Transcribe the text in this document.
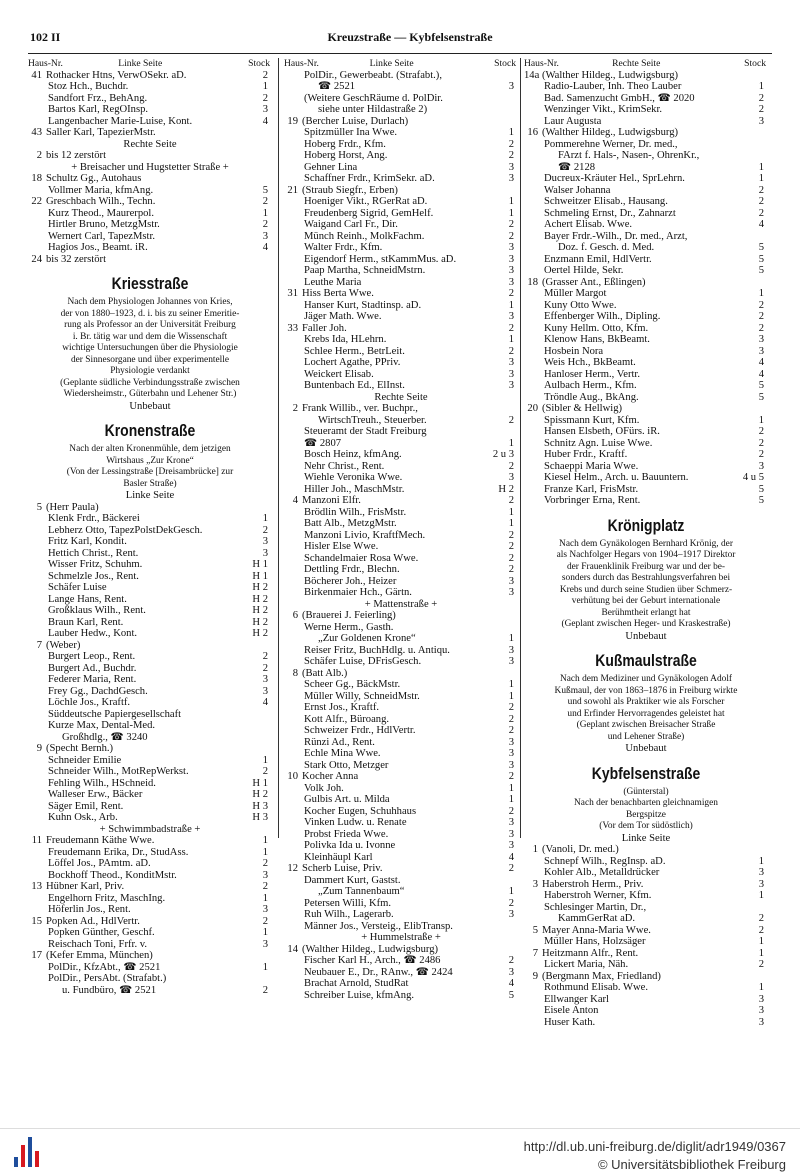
102 II	Kreuzstraße — Kybfelsenstraße
Haus-Nr.	Linke Seite	Stock
41 Rothacker Htns, VerwOSekr. aD.	2
Stoz Hch., Buchdr.	1
Sandfort Frz., BehAng.	2
Bartos Karl, RegOInsp.	3
Langenbacher Marie-Luise, Kont.	4
43 Saller Karl, TapezierMstr.
Rechte Seite
2 bis 12 zerstört
+ Breisacher und Hugstetter Straße +
18 Schultz Gg., Autohaus
Vollmer Maria, kfmAng.	5
22 Greschbach Wilh., Techn.	2
Kurz Theod., Maurerpol.	1
Hirtler Bruno, MetzgMstr.	2
Wernert Carl, TapezMstr.	3
Hagios Jos., Beamt. iR.	4
24 bis 32 zerstört
Kriesstraße
Nach dem Physiologen Johannes von Kries,
der von 1880–1923, d. i. bis zu seiner Emeritie-
rung als Professor an der Universität Freiburg
i. Br. tätig war und dem die Wissenschaft
wichtige Untersuchungen über die Physiologie
der Sinnesorgane und über experimentelle
Physiologie verdankt
(Geplante südliche Verbindungsstraße zwischen
Wiedersheimstr., Güterbahn und Lehener Str.)
Unbebaut
Kronenstraße
Nach der alten Kronenmühle, dem jetzigen
Wirtshaus „Zur Krone“
(Von der Lessingstraße [Dreisambrücke] zur
Basler Straße)
Linke Seite
5 (Herr Paula)
Klenk Frdr., Bäckerei	1
Lebherz Otto, TapezPolstDekGesch.	2
Fritz Karl, Kondit.	3
Hettich Christ., Rent.	3
Wisser Fritz, Schuhm.	H 1
Schmelzle Jos., Rent.	H 1
Schäfer Luise	H 2
Lange Hans, Rent.	H 2
Großklaus Wilh., Rent.	H 2
Braun Karl, Rent.	H 2
Lauber Hedw., Kont.	H 2
7 (Weber)
Burgert Leop., Rent.	2
Burgert Ad., Buchdr.	2
Federer Maria, Rent.	3
Frey Gg., DachdGesch.	3
Löchle Jos., Kraftf.	4
Süddeutsche Papiergesellschaft
Kurze Max, Dental-Med.
Großhdlg., ☎ 3240
9 (Specht Bernh.)
Schneider Emilie	1
Schneider Wilh., MotRepWerkst.	2
Fehling Wilh., HSchneid.	H 1
Walleser Erw., Bäcker	H 2
Säger Emil, Rent.	H 3
Kuhn Osk., Arb.	H 3
+ Schwimmbadstraße +
11 Freudemann Käthe Wwe.	1
Freudemann Erika, Dr., StudAss.	1
Löffel Jos., PAmtm. aD.	2
Bockhoff Theod., KonditMstr.	3
13 Hübner Karl, Priv.	2
Engelhorn Fritz, MaschIng.	1
Höferlin Jos., Rent.	3
15 Popken Ad., HdlVertr.	2
Popken Günther, Geschf.	1
Reischach Toni, Frfr. v.	3
17 (Kefer Emma, München)
PolDir., KfzAbt., ☎ 2521	1
PolDir., PersAbt. (Strafabt.)
u. Fundbüro, ☎ 2521	2
Haus-Nr.	Linke Seite	Stock
PolDir., Gewerbeabt. (Strafabt.),
☎ 2521	3
(Weitere GeschRäume d. PolDir.
siehe unter Hildastraße 2)
19 (Bercher Luise, Durlach)
Spitzmüller Ina Wwe.	1
Hoberg Frdr., Kfm.	2
Hoberg Horst, Ang.	2
Gehner Lina	3
Schaffner Frdr., KrimSekr. aD.	3
21 (Straub Siegfr., Erben)
Hoeniger Vikt., RGerRat aD.	1
Freudenberg Sigrid, GemHelf.	1
Waigand Carl Fr., Dir.	2
Münch Reinh., MolkFachm.	2
Walter Frdr., Kfm.	3
Eigendorf Herm., stKammMus. aD.	3
Paap Martha, SchneidMstrn.	3
Leuthe Maria	3
31 Hiss Berta Wwe.	2
Hanser Kurt, Stadtinsp. aD.	1
Jäger Math. Wwe.	3
33 Faller Joh.	2
Krebs Ida, HLehrn.	1
Schlee Herm., BetrLeit.	2
Lochert Agathe, PPriv.	3
Weickert Elisab.	3
Buntenbach Ed., ElInst.	3
Rechte Seite
2 Frank Willib., ver. Buchpr.,
WirtschTreuh., Steuerber.	2
Steueramt der Stadt Freiburg
☎ 2807	1
Bosch Heinz, kfmAng.	2 u 3
Nehr Christ., Rent.	2
Wiehle Veronika Wwe.	3
Hiller Joh., MaschMstr.	H 2
4 Manzoni Elfr.	2
Brödlin Wilh., FrisMstr.	1
Batt Alb., MetzgMstr.	1
Manzoni Livio, KraftfMech.	2
Hisler Else Wwe.	2
Schandelmaier Rosa Wwe.	2
Dettling Frdr., Blechn.	2
Böcherer Joh., Heizer	3
Birkenmaier Hch., Gärtn.	3
+ Mattenstraße +
6 (Brauerei J. Feierling)
Werne Herm., Gasth.
„Zur Goldenen Krone“	1
Reiser Fritz, BuchHdlg. u. Antiqu.	3
Schäfer Luise, DFrisGesch.	3
8 (Batt Alb.)
Scheer Gg., BäckMstr.	1
Müller Willy, SchneidMstr.	1
Ernst Jos., Kraftf.	2
Kott Alfr., Büroang.	2
Schweizer Frdr., HdlVertr.	2
Rünzi Ad., Rent.	3
Echle Mina Wwe.	3
Stark Otto, Metzger	3
10 Kocher Anna	2
Volk Joh.	1
Gulbis Art. u. Milda	1
Kocher Eugen, Schuhhaus	2
Vinken Ludw. u. Renate	3
Probst Frieda Wwe.	3
Polivka Ida u. Ivonne	3
Kleinhäupl Karl	4
12 Scherb Luise, Priv.	2
Dammert Kurt, Gastst.
„Zum Tannenbaum“	1
Petersen Willi, Kfm.	2
Ruh Wilh., Lagerarb.	3
Männer Jos., Versteig., ElibTransp.
+ Hummelstraße +
14 (Walther Hildeg., Ludwigsburg)
Fischer Karl H., Arch., ☎ 2486	2
Neubauer E., Dr., RAnw., ☎ 2424	3
Brachat Arnold, StudRat	4
Schreiber Luise, kfmAng.	5
Haus-Nr.	Rechte Seite	Stock
14a (Walther Hildeg., Ludwigsburg)
Radio-Lauber, Inh. Theo Lauber	1
Bad. Samenzucht GmbH., ☎ 2020	2
Wenzinger Vikt., KrimSekr.	2
Laur Augusta	3
16 (Walther Hildeg., Ludwigsburg)
Pommerehne Werner, Dr. med.,
FArzt f. Hals-, Nasen-, OhrenKr.,
☎ 2128	1
Ducreux-Kräuter Hel., SprLehrn.	1
Walser Johanna	2
Schweitzer Elisab., Hausang.	2
Schmeling Ernst, Dr., Zahnarzt	2
Achert Elisab. Wwe.	4
Bayer Frdr.-Wilh., Dr. med., Arzt,
Doz. f. Gesch. d. Med.	5
Enzmann Emil, HdlVertr.	5
Oertel Hilde, Sekr.	5
18 (Grasser Ant., Eßlingen)
Müller Margot	1
Kuny Otto Wwe.	2
Effenberger Wilh., Dipling.	2
Kuny Hellm. Otto, Kfm.	2
Klenow Hans, BkBeamt.	3
Hosbein Nora	3
Weis Hch., BkBeamt.	4
Hanloser Herm., Vertr.	4
Aulbach Herm., Kfm.	5
Tröndle Aug., BkAng.	5
20 (Sibler & Hellwig)
Spissmann Kurt, Kfm.	1
Hansen Elsbeth, OFürs. iR.	2
Schnitz Agn. Luise Wwe.	2
Huber Frdr., Kraftf.	2
Schaeppi Maria Wwe.	3
Kiesel Helm., Arch. u. Bauuntern.	4 u 5
Franze Karl, FrisMstr.	5
Vorbringer Erna, Rent.	5
Krönigplatz
Nach dem Gynäkologen Bernhard Krönig, der
als Nachfolger Hegars von 1904–1917 Direktor
der Frauenklinik Freiburg war und der be-
sonders durch das Bestrahlungsverfahren bei
Krebs und durch seine Studien über Schmerz-
verhütung bei der Geburt internationale
Berühmtheit erlangt hat
(Geplant zwischen Heger- und Kraskestraße)
Unbebaut
Kußmaulstraße
Nach dem Mediziner und Gynäkologen Adolf
Kußmaul, der von 1863–1876 in Freiburg wirkte
und sowohl als Praktiker wie als Forscher
und Erfinder Hervorragendes geleistet hat
(Geplant zwischen Breisacher Straße
und Lehener Straße)
Unbebaut
Kybfelsenstraße
(Günterstal)
Nach der benachbarten gleichnamigen
Bergspitze
(Vor dem Tor südöstlich)
Linke Seite
1 (Vanoli, Dr. med.)
Schnepf Wilh., RegInsp. aD.	1
Kohler Alb., Metalldrücker	3
3 Haberstroh Herm., Priv.	3
Haberstroh Werner, Kfm.	1
Schlesinger Martin, Dr.,
KammGerRat aD.	2
5 Mayer Anna-Maria Wwe.	2
Müller Hans, Holzsäger	1
7 Heitzmann Alfr., Rent.	1
Lickert Maria, Näh.	2
9 (Bergmann Max, Friedland)
Rothmund Elisab. Wwe.	1
Ellwanger Karl	3
Eisele Anton	3
Huser Kath.	3
http://dl.ub.uni-freiburg.de/diglit/adr1949/0367
© Universitätsbibliothek Freiburg
